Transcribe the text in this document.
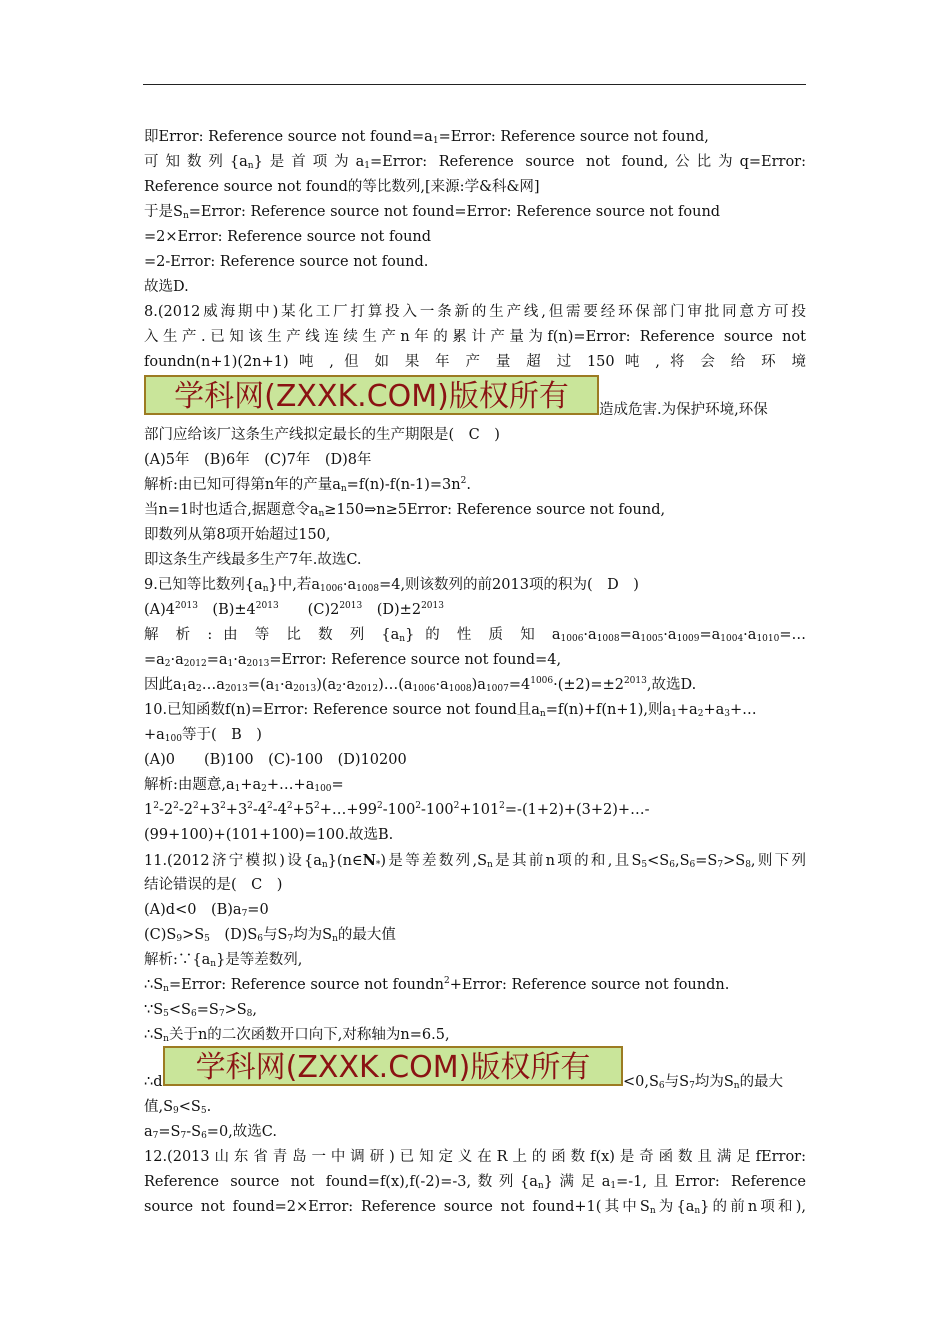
即Error: Reference source not $found=a_1=Error$: Reference source not found,
可知数列$\{a_n\}$是首项为$a_1=Error$: Reference source not found,公比为q=Error:
Reference source not found的等比数列,[来源:学&科&网]
于是$S_n=Error$: Reference source not found=Error: Reference source not found
=2×Error: Reference source not found
=2-Error: Reference source not found.
故选D.
8.(2012威海期中)某化工厂打算投入一条新的生产线,但需要经环保部门审批同意方可投
入生产.已知该生产线连续生产n年的累计产量为f(n)=Error: Reference source not
foundn(n+1)(2n+1) 吨 , 但 如 果 年 产 量 超 过 150 吨 , 将 会 给 环 境
学科网(ZXXK.COM)版权所有	造成危害.为保护环境,环保
部门应给该厂这条生产线拟定最长的生产期限是(　C　)
(A)5年　(B)6年　(C)7年　(D)8年
解析:由已知可得第n年的产量$a_n=f(n)-f(n-1)=3n^2$.
当n=1时也适合,据题意令$a_n\ge 150\Rightarrow n\ge 5Error$: Reference source not found,
即数列从第8项开始超过150,
即这条生产线最多生产7年.故选C.
9.已知等比数列$\{a_n\}$中,若$a_{1006}\cdot a_{1008}=4$,则该数列的前2013项的积为(　D　)
$(A)4^{2013}$　$(B)\pm 4^{2013}$　　$(C)2^{2013}$　$(D)\pm 2^{2013}$
解 析 : 由 等 比 数 列 $\{a_n\}$ 的 性 质 知 $a_{1006}\cdot a_{1008}=a_{1005}\cdot a_{1009}=a_{1004}\cdot a_{1010}=\dots$
$=a_2\cdot a_{2012}=a_1\cdot a_{2013}=Error$: Reference source not found=4,
因此$a_1a_2\dots a_{2013}=(a_1\cdot a_{2013})(a_2\cdot a_{2012})\dots(a_{1006}\cdot a_{1008})a_{1007}=4^{1006}\cdot(\pm 2)=\pm 2^{2013}$,故选D.
10.已知函数f(n)=Error: Reference source not found且$a_n=f(n)+f(n+1)$,则$a_1+a_2+a_3+\dots$
$+a_{100}$等于(　B　)
(A)0　　(B)100　(C)-100　(D)10200
解析:由题意$,a_1+a_2+\dots+a_{100}=$
$1^2-2^2-2^2+3^2+3^2-4^2-4^2+5^2+\dots+99^2-100^2-100^2+101^2=-(1+2)+(3+2)+\dots-$
(99+100)+(101+100)=100.故选B.
11.(2012济宁模拟)设$\{a_n\}(n\in N_*)$是等差数列$,S_n$是其前n项的和,且$S_5<S_6,S_6=S_7>S_8$,则下列
结论错误的是(　C　)
(A)d<0　$(B)a_7=0$
$(C)S_9>S_5$　$(D)S_6$与$S_7$均为$S_n$的最大值
解析$:\because\{a_n\}$是等差数列,
$\therefore S_n=Error$: Reference source not foundn$^2$+Error: Reference source not foundn.
$\because S_5<S_6=S_7>S_8$,
$\therefore S_n$关于n的二次函数开口向下,对称轴为n=6.5,
∴d	学科网(ZXXK.COM)版权所有	$<0,S_6$与$S_7$均为$S_n$的最大
值$,S_9<S_5$.
$a_7=S_7-S_6=0$,故选C.
12.(2013山东省青岛一中调研)已知定义在R上的函数f(x)是奇函数且满足fError:
Reference source not found=f(x),f(-2)=-3,数列$\{a_n\}$满足$a_1=-1$,且Error: Reference
source not found=2×Error: Reference source not found+1(其中$S_n$为$\{a_n\}$的前n项和),
